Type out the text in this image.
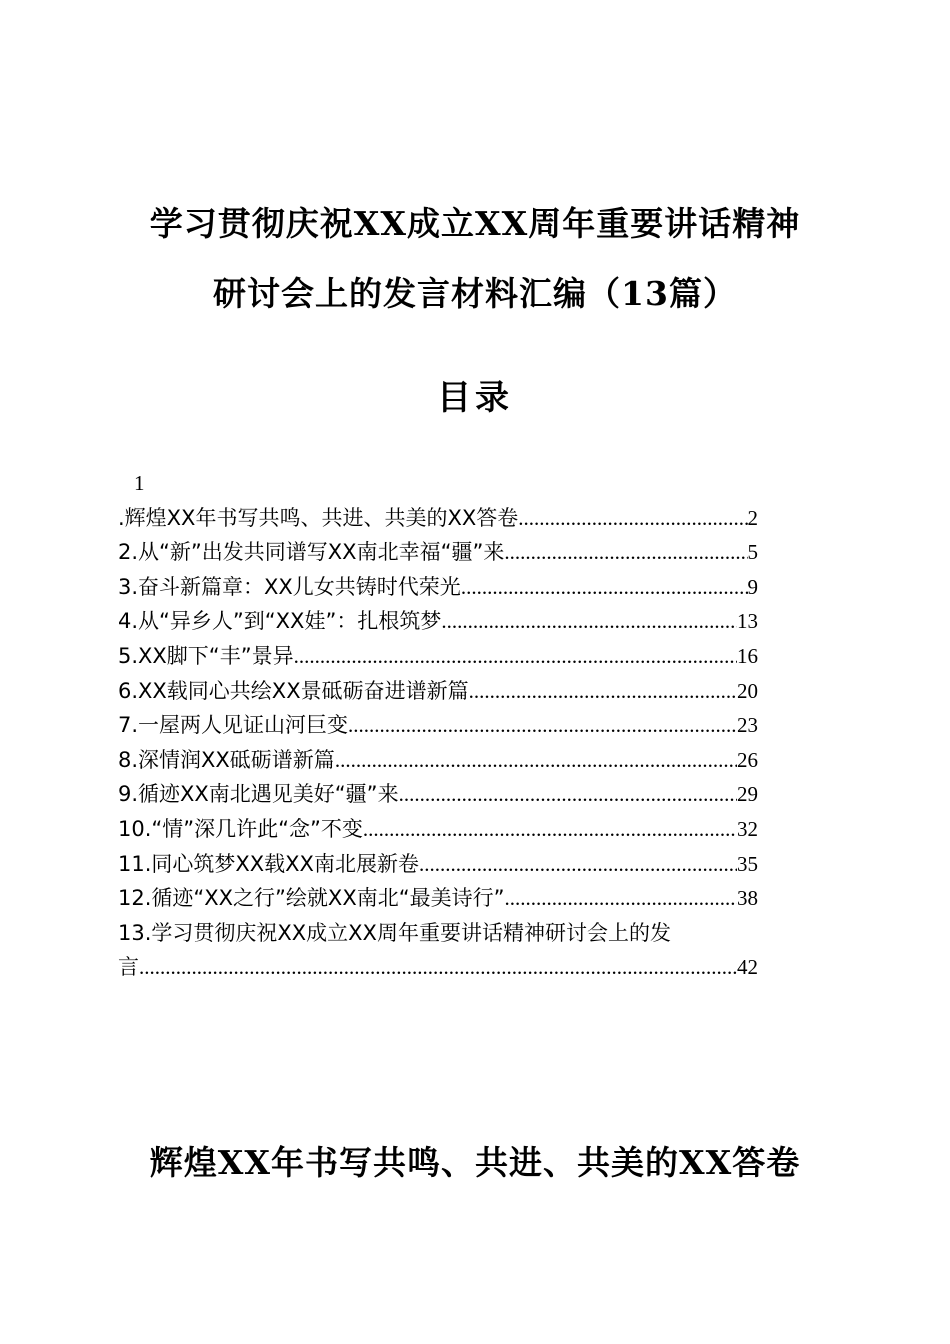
学习贯彻庆祝XX成立XX周年重要讲话精神
研讨会上的发言材料汇编（13篇）
目录
1
.辉煌XX年书写共鸣、共进、共美的XX答卷 .....	2
2.从“新”出发共同谱写XX南北幸福“疆”来 .....	5
3.奋斗新篇章：XX儿女共铸时代荣光 .....	9
4.从“异乡人”到“XX娃”：扎根筑梦 .....	13
5.XX脚下“丰”景异 .....	16
6.XX载同心共绘XX景砥砺奋进谱新篇 .....	20
7.一屋两人见证山河巨变 .....	23
8.深情润XX砥砺谱新篇 .....	26
9.循迹XX南北遇见美好“疆”来 .....	29
10.“情”深几许此“念”不变 .....	32
11.同心筑梦XX载XX南北展新卷 .....	35
12.循迹“XX之行”绘就XX南北“最美诗行” .....	38
13.学习贯彻庆祝XX成立XX周年重要讲话精神研讨会上的发
言 .....	42
辉煌XX年书写共鸣、共进、共美的XX答卷
